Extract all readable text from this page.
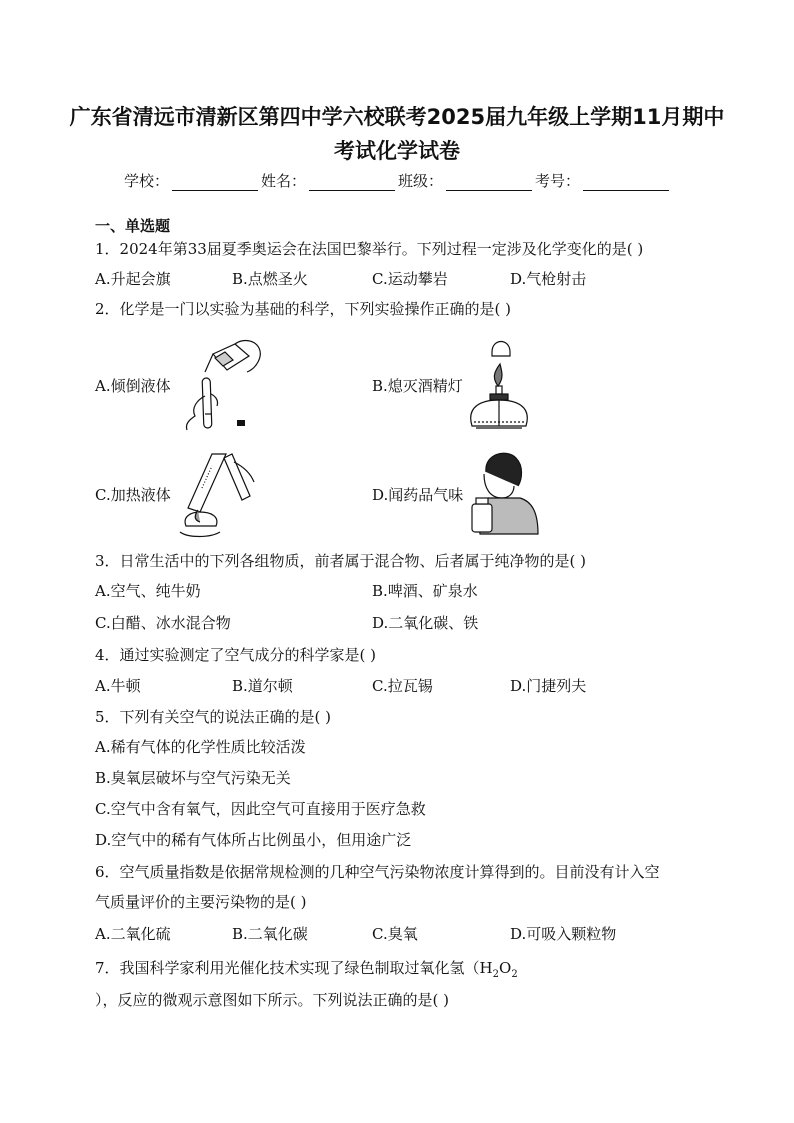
广东省清远市清新区第四中学六校联考2025届九年级上学期11月期中
考试化学试卷
学校：	姓名：	班级：	考号：
一、单选题
1．2024年第33届夏季奥运会在法国巴黎举行。下列过程一定涉及化学变化的是( )
A.升起会旗	B.点燃圣火	C.运动攀岩	D.气枪射击
2．化学是一门以实验为基础的科学，下列实验操作正确的是( )
A.倾倒液体	B.熄灭酒精灯
C.加热液体	D.闻药品气味
3．日常生活中的下列各组物质，前者属于混合物、后者属于纯净物的是( )
A.空气、纯牛奶	B.啤酒、矿泉水
C.白醋、冰水混合物	D.二氧化碳、铁
4．通过实验测定了空气成分的科学家是( )
A.牛顿	B.道尔顿	C.拉瓦锡	D.门捷列夫
5．下列有关空气的说法正确的是( )
A.稀有气体的化学性质比较活泼
B.臭氧层破坏与空气污染无关
C.空气中含有氧气，因此空气可直接用于医疗急救
D.空气中的稀有气体所占比例虽小，但用途广泛
6．空气质量指数是依据常规检测的几种空气污染物浓度计算得到的。目前没有计入空
气质量评价的主要污染物的是( )
A.二氧化硫	B.二氧化碳	C.臭氧	D.可吸入颗粒物
7．我国科学家利用光催化技术实现了绿色制取过氧化氢（$H_2O_2$
），反应的微观示意图如下所示。下列说法正确的是( )
